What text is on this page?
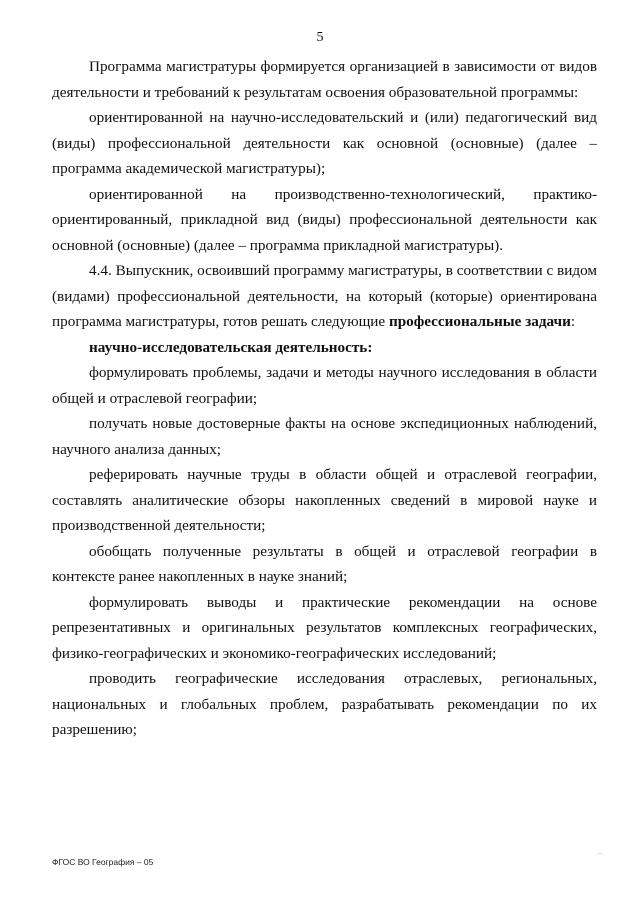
5

Программа магистратуры формируется организацией в зависимости от видов деятельности и требований к результатам освоения образовательной программы:

ориентированной на научно-исследовательский и (или) педагогический вид (виды) профессиональной деятельности как основной (основные) (далее – программа академической магистратуры);

ориентированной на производственно-технологический, практико-ориентированный, прикладной вид (виды) профессиональной деятельности как основной (основные) (далее – программа прикладной магистратуры).

4.4. Выпускник, освоивший программу магистратуры, в соответствии с видом (видами) профессиональной деятельности, на который (которые) ориентирована программа магистратуры, готов решать следующие профессиональные задачи:

научно-исследовательская деятельность:

формулировать проблемы, задачи и методы научного исследования в области общей и отраслевой географии;

получать новые достоверные факты на основе экспедиционных наблюдений, научного анализа данных;

реферировать научные труды в области общей и отраслевой географии, составлять аналитические обзоры накопленных сведений в мировой науке и производственной деятельности;

обобщать полученные результаты в общей и отраслевой географии в контексте ранее накопленных в науке знаний;

формулировать выводы и практические рекомендации на основе репрезентативных и оригинальных результатов комплексных географических, физико-географических и экономико-географических исследований;

проводить географические исследования отраслевых, региональных, национальных и глобальных проблем, разрабатывать рекомендации по их разрешению;

ФГОС ВО География – 05
–
